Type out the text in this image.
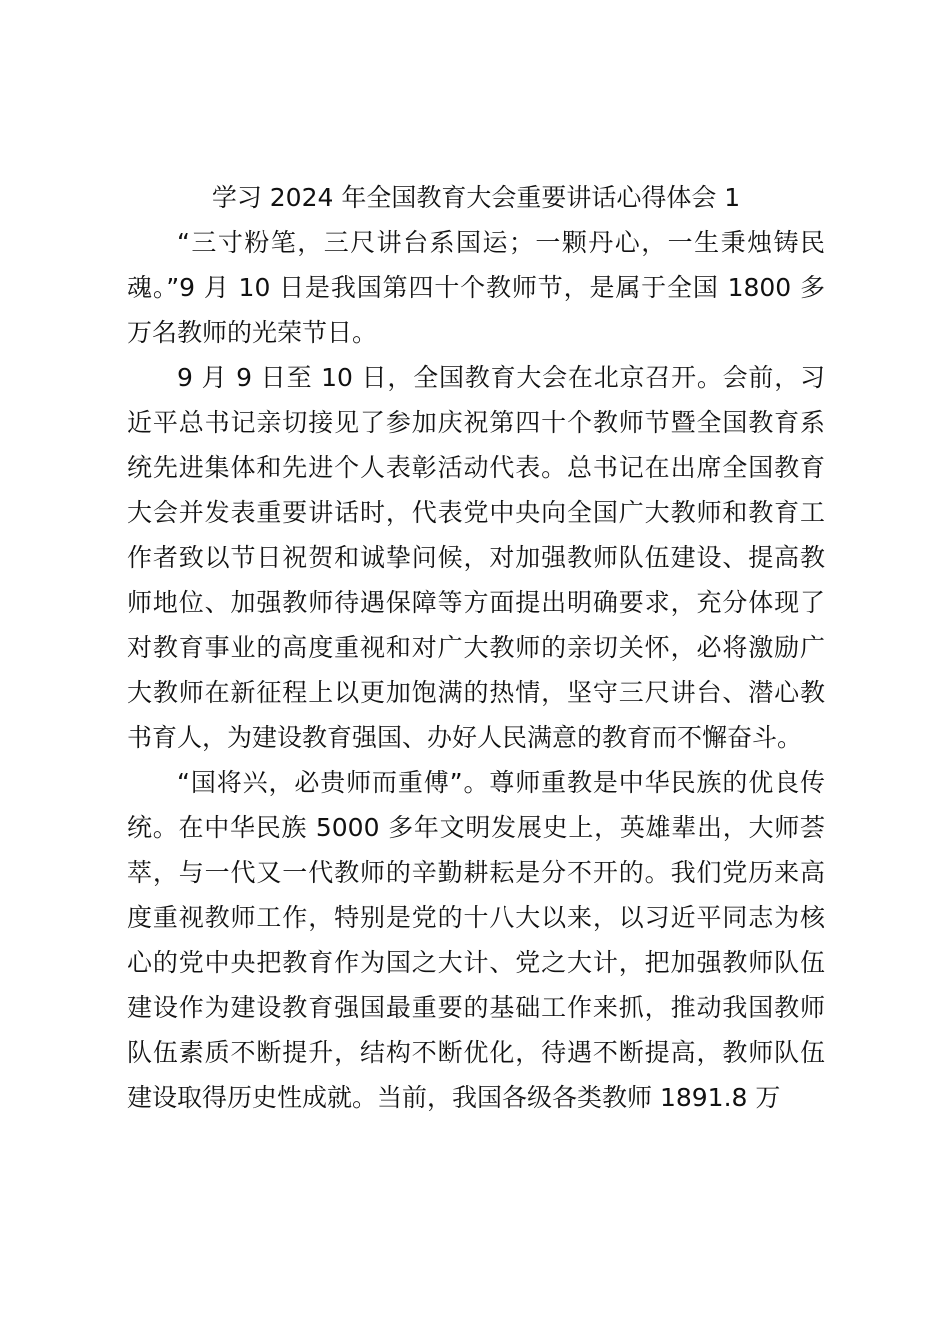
学习 2024 年全国教育大会重要讲话心得体会 1

“三寸粉笔，三尺讲台系国运；一颗丹心，一生秉烛铸民魂。”9 月 10 日是我国第四十个教师节，是属于全国 1800 多万名教师的光荣节日。

9 月 9 日至 10 日，全国教育大会在北京召开。会前，习近平总书记亲切接见了参加庆祝第四十个教师节暨全国教育系统先进集体和先进个人表彰活动代表。总书记在出席全国教育大会并发表重要讲话时，代表党中央向全国广大教师和教育工作者致以节日祝贺和诚挚问候，对加强教师队伍建设、提高教师地位、加强教师待遇保障等方面提出明确要求，充分体现了对教育事业的高度重视和对广大教师的亲切关怀，必将激励广大教师在新征程上以更加饱满的热情，坚守三尺讲台、潜心教书育人，为建设教育强国、办好人民满意的教育而不懈奋斗。

“国将兴，必贵师而重傅”。尊师重教是中华民族的优良传统。在中华民族 5000 多年文明发展史上，英雄辈出，大师荟萃，与一代又一代教师的辛勤耕耘是分不开的。我们党历来高度重视教师工作，特别是党的十八大以来，以习近平同志为核心的党中央把教育作为国之大计、党之大计，把加强教师队伍建设作为建设教育强国最重要的基础工作来抓，推动我国教师队伍素质不断提升，结构不断优化，待遇不断提高，教师队伍建设取得历史性成就。当前，我国各级各类教师 1891.8 万
